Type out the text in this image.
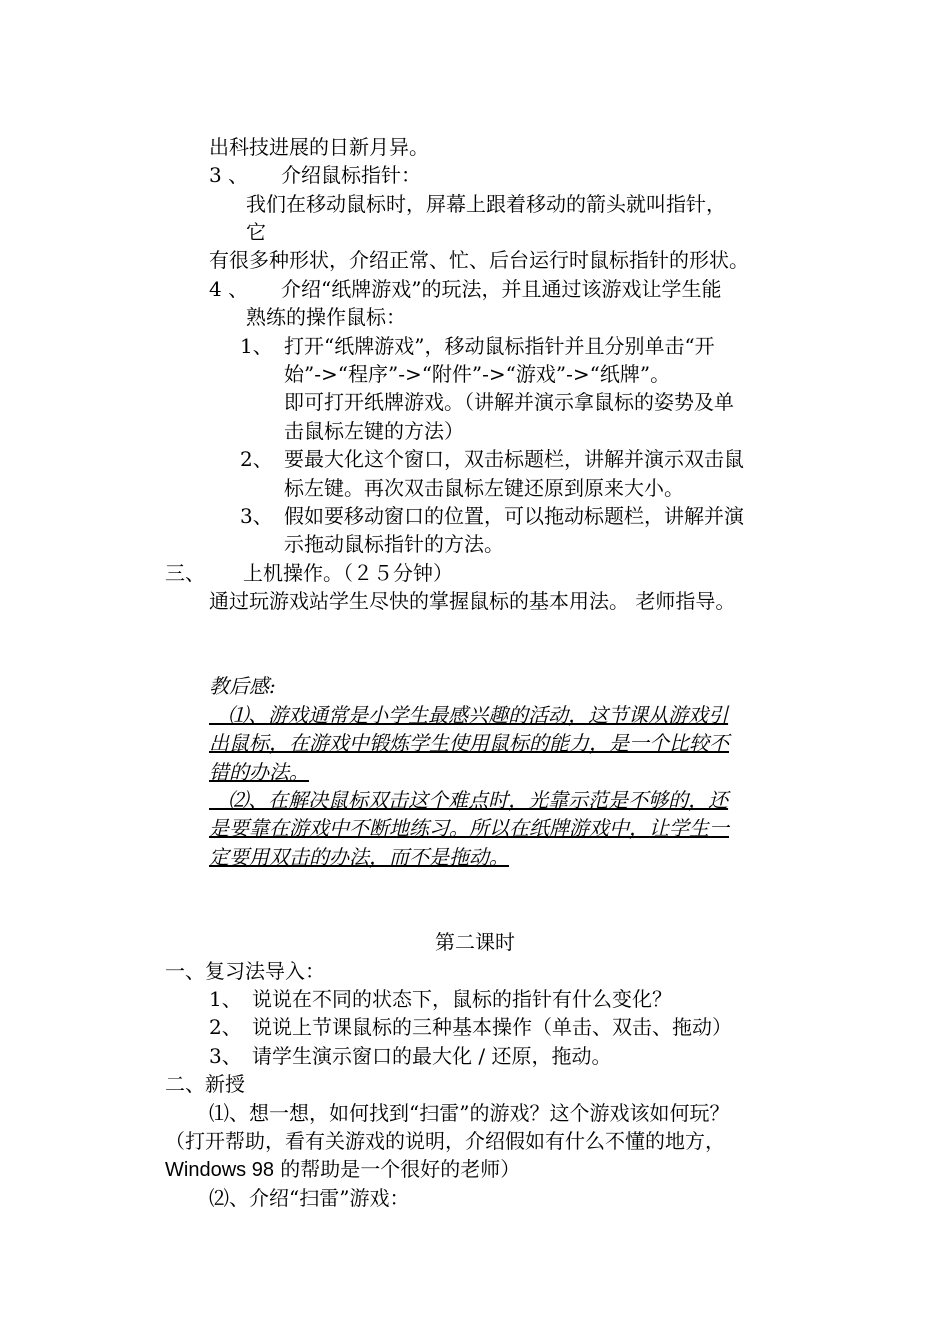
出科技进展的日新月异。
3 、 介绍鼠标指针：
我们在移动鼠标时，屏幕上跟着移动的箭头就叫指针，
它
有很多种形状，介绍正常、忙、后台运行时鼠标指针的形状。
4 、 介绍“纸牌游戏”的玩法，并且通过该游戏让学生能
熟练的操作鼠标：
1、 打开“纸牌游戏”，移动鼠标指针并且分别单击“开
始”->“程序”->“附件”->“游戏”->“纸牌”。
即可打开纸牌游戏。（讲解并演示拿鼠标的姿势及单
击鼠标左键的方法）
2、 要最大化这个窗口，双击标题栏，讲解并演示双击鼠
标左键。再次双击鼠标左键还原到原来大小。
3、 假如要移动窗口的位置，可以拖动标题栏，讲解并演
示拖动鼠标指针的方法。
三、 上机操作。（２５分钟）
通过玩游戏站学生尽快的掌握鼠标的基本用法。 老师指导。
教后感:
⑴、游戏通常是小学生最感兴趣的活动，这节课从游戏引
出鼠标，在游戏中锻炼学生使用鼠标的能力，是一个比较不
错的办法。
⑵、在解决鼠标双击这个难点时，光靠示范是不够的，还
是要靠在游戏中不断地练习。所以在纸牌游戏中，让学生一
定要用双击的办法，而不是拖动。
第二课时
一、复习法导入：
1、 说说在不同的状态下，鼠标的指针有什么变化？
2、 说说上节课鼠标的三种基本操作（单击、双击、拖动）
3、 请学生演示窗口的最大化 / 还原，拖动。
二、新授
⑴、想一想，如何找到“扫雷”的游戏？这个游戏该如何玩？
（打开帮助，看有关游戏的说明，介绍假如有什么不懂的地方，
Windows 98 的帮助是一个很好的老师）
⑵、介绍“扫雷”游戏：
